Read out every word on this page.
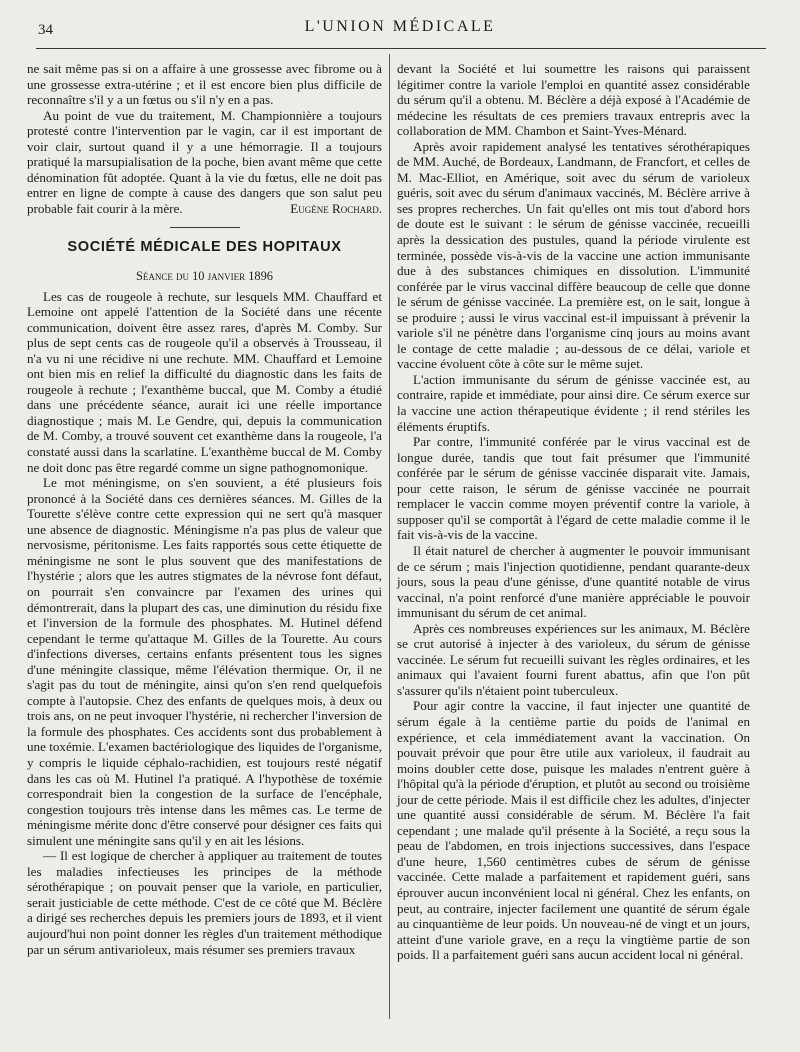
34	L'UNION MÉDICALE

ne sait même pas si on a affaire à une grossesse avec fibrome ou à une grossesse extra-utérine ; et il est encore bien plus difficile de reconnaître s'il y a un fœtus ou s'il n'y en a pas.

Au point de vue du traitement, M. Championnière a toujours protesté contre l'intervention par le vagin, car il est important de voir clair, surtout quand il y a une hémorragie. Il a toujours pratiqué la marsupialisation de la poche, bien avant même que cette dénomination fût adoptée. Quant à la vie du fœtus, elle ne doit pas entrer en ligne de compte à cause des dangers que son salut peu probable fait courir à la mère.	Eugène Rochard.
SOCIÉTÉ MÉDICALE DES HOPITAUX
Séance du 10 janvier 1896

Les cas de rougeole à rechute, sur lesquels MM. Chauffard et Lemoine ont appelé l'attention de la Société dans une récente communication, doivent être assez rares, d'après M. Comby. Sur plus de sept cents cas de rougeole qu'il a observés à Trousseau, il n'a vu ni une récidive ni une rechute. MM. Chauffard et Lemoine ont bien mis en relief la difficulté du diagnostic dans les faits de rougeole à rechute ; l'exanthème buccal, que M. Comby a étudié dans une précédente séance, aurait ici une réelle importance diagnostique ; mais M. Le Gendre, qui, depuis la communication de M. Comby, a trouvé souvent cet exanthème dans la rougeole, l'a constaté aussi dans la scarlatine. L'exanthème buccal de M. Comby ne doit donc pas être regardé comme un signe pathognomonique.

Le mot méningisme, on s'en souvient, a été plusieurs fois prononcé à la Société dans ces dernières séances. M. Gilles de la Tourette s'élève contre cette expression qui ne sert qu'à masquer une absence de diagnostic. Méningisme n'a pas plus de valeur que nervosisme, péritonisme. Les faits rapportés sous cette étiquette de méningisme ne sont le plus souvent que des manifestations de l'hystérie ; alors que les autres stigmates de la névrose font défaut, on pourrait s'en convaincre par l'examen des urines qui démontrerait, dans la plupart des cas, une diminution du résidu fixe et l'inversion de la formule des phosphates. M. Hutinel défend cependant le terme qu'attaque M. Gilles de la Tourette. Au cours d'infections diverses, certains enfants présentent tous les signes d'une méningite classique, même l'élévation thermique. Or, il ne s'agit pas du tout de méningite, ainsi qu'on s'en rend quelquefois compte à l'autopsie. Chez des enfants de quelques mois, à deux ou trois ans, on ne peut invoquer l'hystérie, ni rechercher l'inversion de la formule des phosphates. Ces accidents sont dus probablement à une toxémie. L'examen bactériologique des liquides de l'organisme, y compris le liquide céphalo-rachidien, est toujours resté négatif dans les cas où M. Hutinel l'a pratiqué. A l'hypothèse de toxémie correspondrait bien la congestion de la surface de l'encéphale, congestion toujours très intense dans les mêmes cas. Le terme de méningisme mérite donc d'être conservé pour désigner ces faits qui simulent une méningite sans qu'il y en ait les lésions.

— Il est logique de chercher à appliquer au traitement de toutes les maladies infectieuses les principes de la méthode sérothérapique ; on pouvait penser que la variole, en particulier, serait justiciable de cette méthode. C'est de ce côté que M. Béclère a dirigé ses recherches depuis les premiers jours de 1893, et il vient aujourd'hui non point donner les règles d'un traitement méthodique par un sérum antivarioleux, mais résumer ses premiers travaux

devant la Société et lui soumettre les raisons qui paraissent légitimer contre la variole l'emploi en quantité assez considérable du sérum qu'il a obtenu. M. Béclère a déjà exposé à l'Académie de médecine les résultats de ces premiers travaux entrepris avec la collaboration de MM. Chambon et Saint-Yves-Ménard.

Après avoir rapidement analysé les tentatives sérothérapiques de MM. Auché, de Bordeaux, Landmann, de Francfort, et celles de M. Mac-Elliot, en Amérique, soit avec du sérum de varioleux guéris, soit avec du sérum d'animaux vaccinés, M. Béclère arrive à ses propres recherches. Un fait qu'elles ont mis tout d'abord hors de doute est le suivant : le sérum de génisse vaccinée, recueilli après la dessication des pustules, quand la période virulente est terminée, possède vis-à-vis de la vaccine une action immunisante due à des substances chimiques en dissolution. L'immunité conférée par le virus vaccinal diffère beaucoup de celle que donne le sérum de génisse vaccinée. La première est, on le sait, longue à se produire ; aussi le virus vaccinal est-il impuissant à prévenir la variole s'il ne pénètre dans l'organisme cinq jours au moins avant le contage de cette maladie ; au-dessous de ce délai, variole et vaccine évoluent côte à côte sur le même sujet.

L'action immunisante du sérum de génisse vaccinée est, au contraire, rapide et immédiate, pour ainsi dire. Ce sérum exerce sur la vaccine une action thérapeutique évidente ; il rend stériles les éléments éruptifs.

Par contre, l'immunité conférée par le virus vaccinal est de longue durée, tandis que tout fait présumer que l'immunité conférée par le sérum de génisse vaccinée disparait vite. Jamais, pour cette raison, le sérum de génisse vaccinée ne pourrait remplacer le vaccin comme moyen préventif contre la variole, à supposer qu'il se comportât à l'égard de cette maladie comme il le fait vis-à-vis de la vaccine.

Il était naturel de chercher à augmenter le pouvoir immunisant de ce sérum ; mais l'injection quotidienne, pendant quarante-deux jours, sous la peau d'une génisse, d'une quantité notable de virus vaccinal, n'a point renforcé d'une manière appréciable le pouvoir immunisant du sérum de cet animal.

Après ces nombreuses expériences sur les animaux, M. Béclère se crut autorisé à injecter à des varioleux, du sérum de génisse vaccinée. Le sérum fut recueilli suivant les règles ordinaires, et les animaux qui l'avaient fourni furent abattus, afin que l'on pût s'assurer qu'ils n'étaient point tuberculeux.

Pour agir contre la vaccine, il faut injecter une quantité de sérum égale à la centième partie du poids de l'animal en expérience, et cela immédiatement avant la vaccination. On pouvait prévoir que pour être utile aux varioleux, il faudrait au moins doubler cette dose, puisque les malades n'entrent guère à l'hôpital qu'à la période d'éruption, et plutôt au second ou troisième jour de cette période. Mais il est difficile chez les adultes, d'injecter une quantité aussi considérable de sérum. M. Béclère l'a fait cependant ; une malade qu'il présente à la Société, a reçu sous la peau de l'abdomen, en trois injections successives, dans l'espace d'une heure, 1,560 centimètres cubes de sérum de génisse vaccinée. Cette malade a parfaitement et rapidement guéri, sans éprouver aucun inconvénient local ni général. Chez les enfants, on peut, au contraire, injecter facilement une quantité de sérum égale au cinquantième de leur poids. Un nouveau-né de vingt et un jours, atteint d'une variole grave, en a reçu la vingtième partie de son poids. Il a parfaitement guéri sans aucun accident local ni général.
